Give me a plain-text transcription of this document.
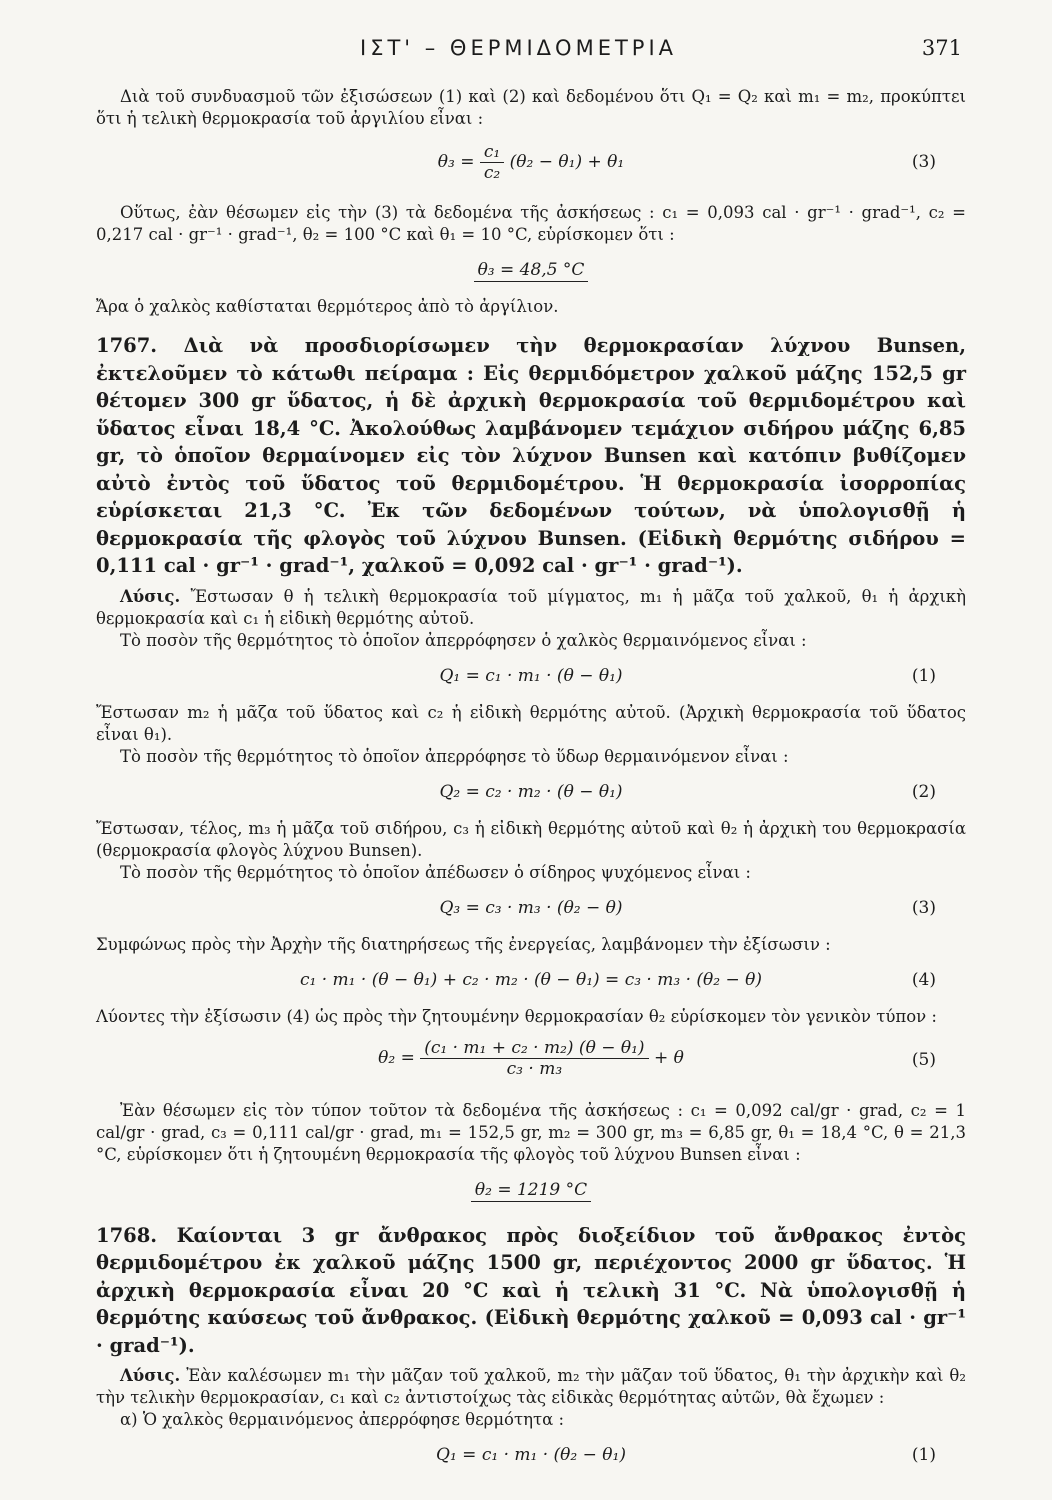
ΙΣΤ' – ΘΕΡΜΙΔΟΜΕΤΡΙΑ	371

Διὰ τοῦ συνδυασμοῦ τῶν ἐξισώσεων (1) καὶ (2) καὶ δεδομένου ὅτι Q₁ = Q₂ καὶ m₁ = m₂, προκύπτει ὅτι ἡ τελικὴ θερμοκρασία τοῦ ἀργιλίου εἶναι :

$\theta_3 = \frac{\text{c₁}}{\text{c₂}} (\theta_2 - \theta_1) + \theta_1$	(3)

Οὕτως, ἐὰν θέσωμεν εἰς τὴν (3) τὰ δεδομένα τῆς ἀσκήσεως : c₁ = 0,093 cal · gr⁻¹ · grad⁻¹, c₂ = 0,217 cal · gr⁻¹ · grad⁻¹, θ₂ = 100 °C καὶ θ₁ = 10 °C, εὑρίσκομεν ὅτι :

θ₃ = 48,5 °C

Ἄρα ὁ χαλκὸς καθίσταται θερμότερος ἀπὸ τὸ ἀργίλιον.

1767. Διὰ νὰ προσδιορίσωμεν τὴν θερμοκρασίαν λύχνου Bunsen, ἐκτελοῦμεν τὸ κάτωθι πείραμα : Εἰς θερμιδόμετρον χαλκοῦ μάζης 152,5 gr θέτομεν 300 gr ὕδατος, ἡ δὲ ἀρχικὴ θερμοκρασία τοῦ θερμιδομέτρου καὶ ὕδατος εἶναι 18,4 °C. Ἀκολούθως λαμβάνομεν τεμάχιον σιδήρου μάζης 6,85 gr, τὸ ὁποῖον θερμαίνομεν εἰς τὸν λύχνον Bunsen καὶ κατόπιν βυθίζομεν αὐτὸ ἐντὸς τοῦ ὕδατος τοῦ θερμιδομέτρου. Ἡ θερμοκρασία ἰσορροπίας εὑρίσκεται 21,3 °C. Ἐκ τῶν δεδομένων τούτων, νὰ ὑπολογισθῇ ἡ θερμοκρασία τῆς φλογὸς τοῦ λύχνου Bunsen. (Εἰδικὴ θερμότης σιδήρου = 0,111 cal · gr⁻¹ · grad⁻¹, χαλκοῦ = 0,092 cal · gr⁻¹ · grad⁻¹).

Λύσις. Ἔστωσαν θ ἡ τελικὴ θερμοκρασία τοῦ μίγματος, m₁ ἡ μᾶζα τοῦ χαλκοῦ, θ₁ ἡ ἀρχικὴ θερμοκρασία καὶ c₁ ἡ εἰδικὴ θερμότης αὐτοῦ.

Τὸ ποσὸν τῆς θερμότητος τὸ ὁποῖον ἀπερρόφησεν ὁ χαλκὸς θερμαινόμενος εἶναι :

Q₁ = c₁ · m₁ · (θ − θ₁)	(1)

Ἔστωσαν m₂ ἡ μᾶζα τοῦ ὕδατος καὶ c₂ ἡ εἰδικὴ θερμότης αὐτοῦ. (Ἀρχικὴ θερμοκρασία τοῦ ὕδατος εἶναι θ₁).

Τὸ ποσὸν τῆς θερμότητος τὸ ὁποῖον ἀπερρόφησε τὸ ὕδωρ θερμαινόμενον εἶναι :

Q₂ = c₂ · m₂ · (θ − θ₁)	(2)

Ἔστωσαν, τέλος, m₃ ἡ μᾶζα τοῦ σιδήρου, c₃ ἡ εἰδικὴ θερμότης αὐτοῦ καὶ θ₂ ἡ ἀρχικὴ του θερμοκρασία (θερμοκρασία φλογὸς λύχνου Bunsen).

Τὸ ποσὸν τῆς θερμότητος τὸ ὁποῖον ἀπέδωσεν ὁ σίδηρος ψυχόμενος εἶναι :

Q₃ = c₃ · m₃ · (θ₂ − θ)	(3)

Συμφώνως πρὸς τὴν Ἀρχὴν τῆς διατηρήσεως τῆς ἐνεργείας, λαμβάνομεν τὴν ἐξίσωσιν :

c₁ · m₁ · (θ − θ₁) + c₂ · m₂ · (θ − θ₁) = c₃ · m₃ · (θ₂ − θ)	(4)

Λύοντες τὴν ἐξίσωσιν (4) ὡς πρὸς τὴν ζητουμένην θερμοκρασίαν θ₂ εὑρίσκομεν τὸν γενικὸν τύπον :

$\theta_2 = \frac{\text{(c₁ · m₁ + c₂ · m₂) (θ − θ₁)}}{\text{c₃ · m₃}} + \theta$	(5)

Ἐὰν θέσωμεν εἰς τὸν τύπον τοῦτον τὰ δεδομένα τῆς ἀσκήσεως : c₁ = 0,092 cal/gr · grad, c₂ = 1 cal/gr · grad, c₃ = 0,111 cal/gr · grad, m₁ = 152,5 gr, m₂ = 300 gr, m₃ = 6,85 gr, θ₁ = 18,4 °C, θ = 21,3 °C, εὑρίσκομεν ὅτι ἡ ζητουμένη θερμοκρασία τῆς φλογὸς τοῦ λύχνου Bunsen εἶναι :

θ₂ = 1219 °C
1768. Καίονται 3 gr ἄνθρακος πρὸς διοξείδιον τοῦ ἄνθρακος ἐντὸς θερμιδομέτρου ἐκ χαλκοῦ μάζης 1500 gr, περιέχοντος 2000 gr ὕδατος. Ἡ ἀρχικὴ θερμοκρασία εἶναι 20 °C καὶ ἡ τελικὴ 31 °C. Νὰ ὑπολογισθῇ ἡ θερμότης καύσεως τοῦ ἄνθρακος. (Εἰδικὴ θερμότης χαλκοῦ = 0,093 cal · gr⁻¹ · grad⁻¹).

Λύσις. Ἐὰν καλέσωμεν m₁ τὴν μᾶζαν τοῦ χαλκοῦ, m₂ τὴν μᾶζαν τοῦ ὕδατος, θ₁ τὴν ἀρχικὴν καὶ θ₂ τὴν τελικὴν θερμοκρασίαν, c₁ καὶ c₂ ἀντιστοίχως τὰς εἰδικὰς θερμότητας αὐτῶν, θὰ ἔχωμεν :

α) Ὁ χαλκὸς θερμαινόμενος ἀπερρόφησε θερμότητα :

Q₁ = c₁ · m₁ · (θ₂ − θ₁)	(1)
